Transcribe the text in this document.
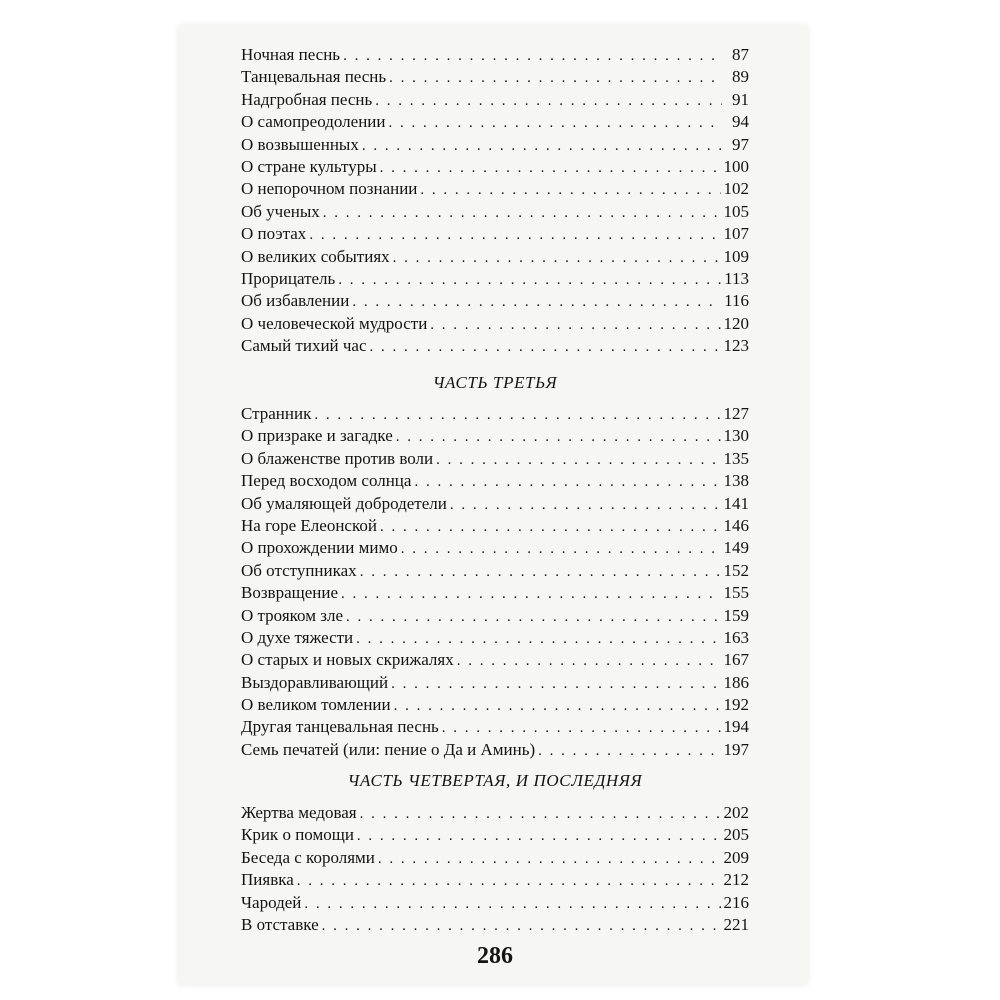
Ночная песнь . . .	87
Танцевальная песнь . . .	89
Надгробная песнь . . .	91
О самопреодолении . . .	94
О возвышенных . . .	97
О стране культуры . . .	100
О непорочном познании . . .	102
Об ученых . . .	105
О поэтах . . .	107
О великих событиях . . .	109
Прорицатель . . .	113
Об избавлении . . .	116
О человеческой мудрости . . .	120
Самый тихий час . . .	123
ЧАСТЬ ТРЕТЬЯ
Странник . . .	127
О призраке и загадке . . .	130
О блаженстве против воли . . .	135
Перед восходом солнца . . .	138
Об умаляющей добродетели . . .	141
На горе Елеонской . . .	146
О прохождении мимо . . .	149
Об отступниках . . .	152
Возвращение . . .	155
О трояком зле . . .	159
О духе тяжести . . .	163
О старых и новых скрижалях . . .	167
Выздоравливающий . . .	186
О великом томлении . . .	192
Другая танцевальная песнь . . .	194
Семь печатей (или: пение о Да и Аминь) . . .	197
ЧАСТЬ ЧЕТВЕРТАЯ, И ПОСЛЕДНЯЯ
Жертва медовая . . .	202
Крик о помощи . . .	205
Беседа с королями . . .	209
Пиявка . . .	212
Чародей . . .	216
В отставке . . .	221
286
